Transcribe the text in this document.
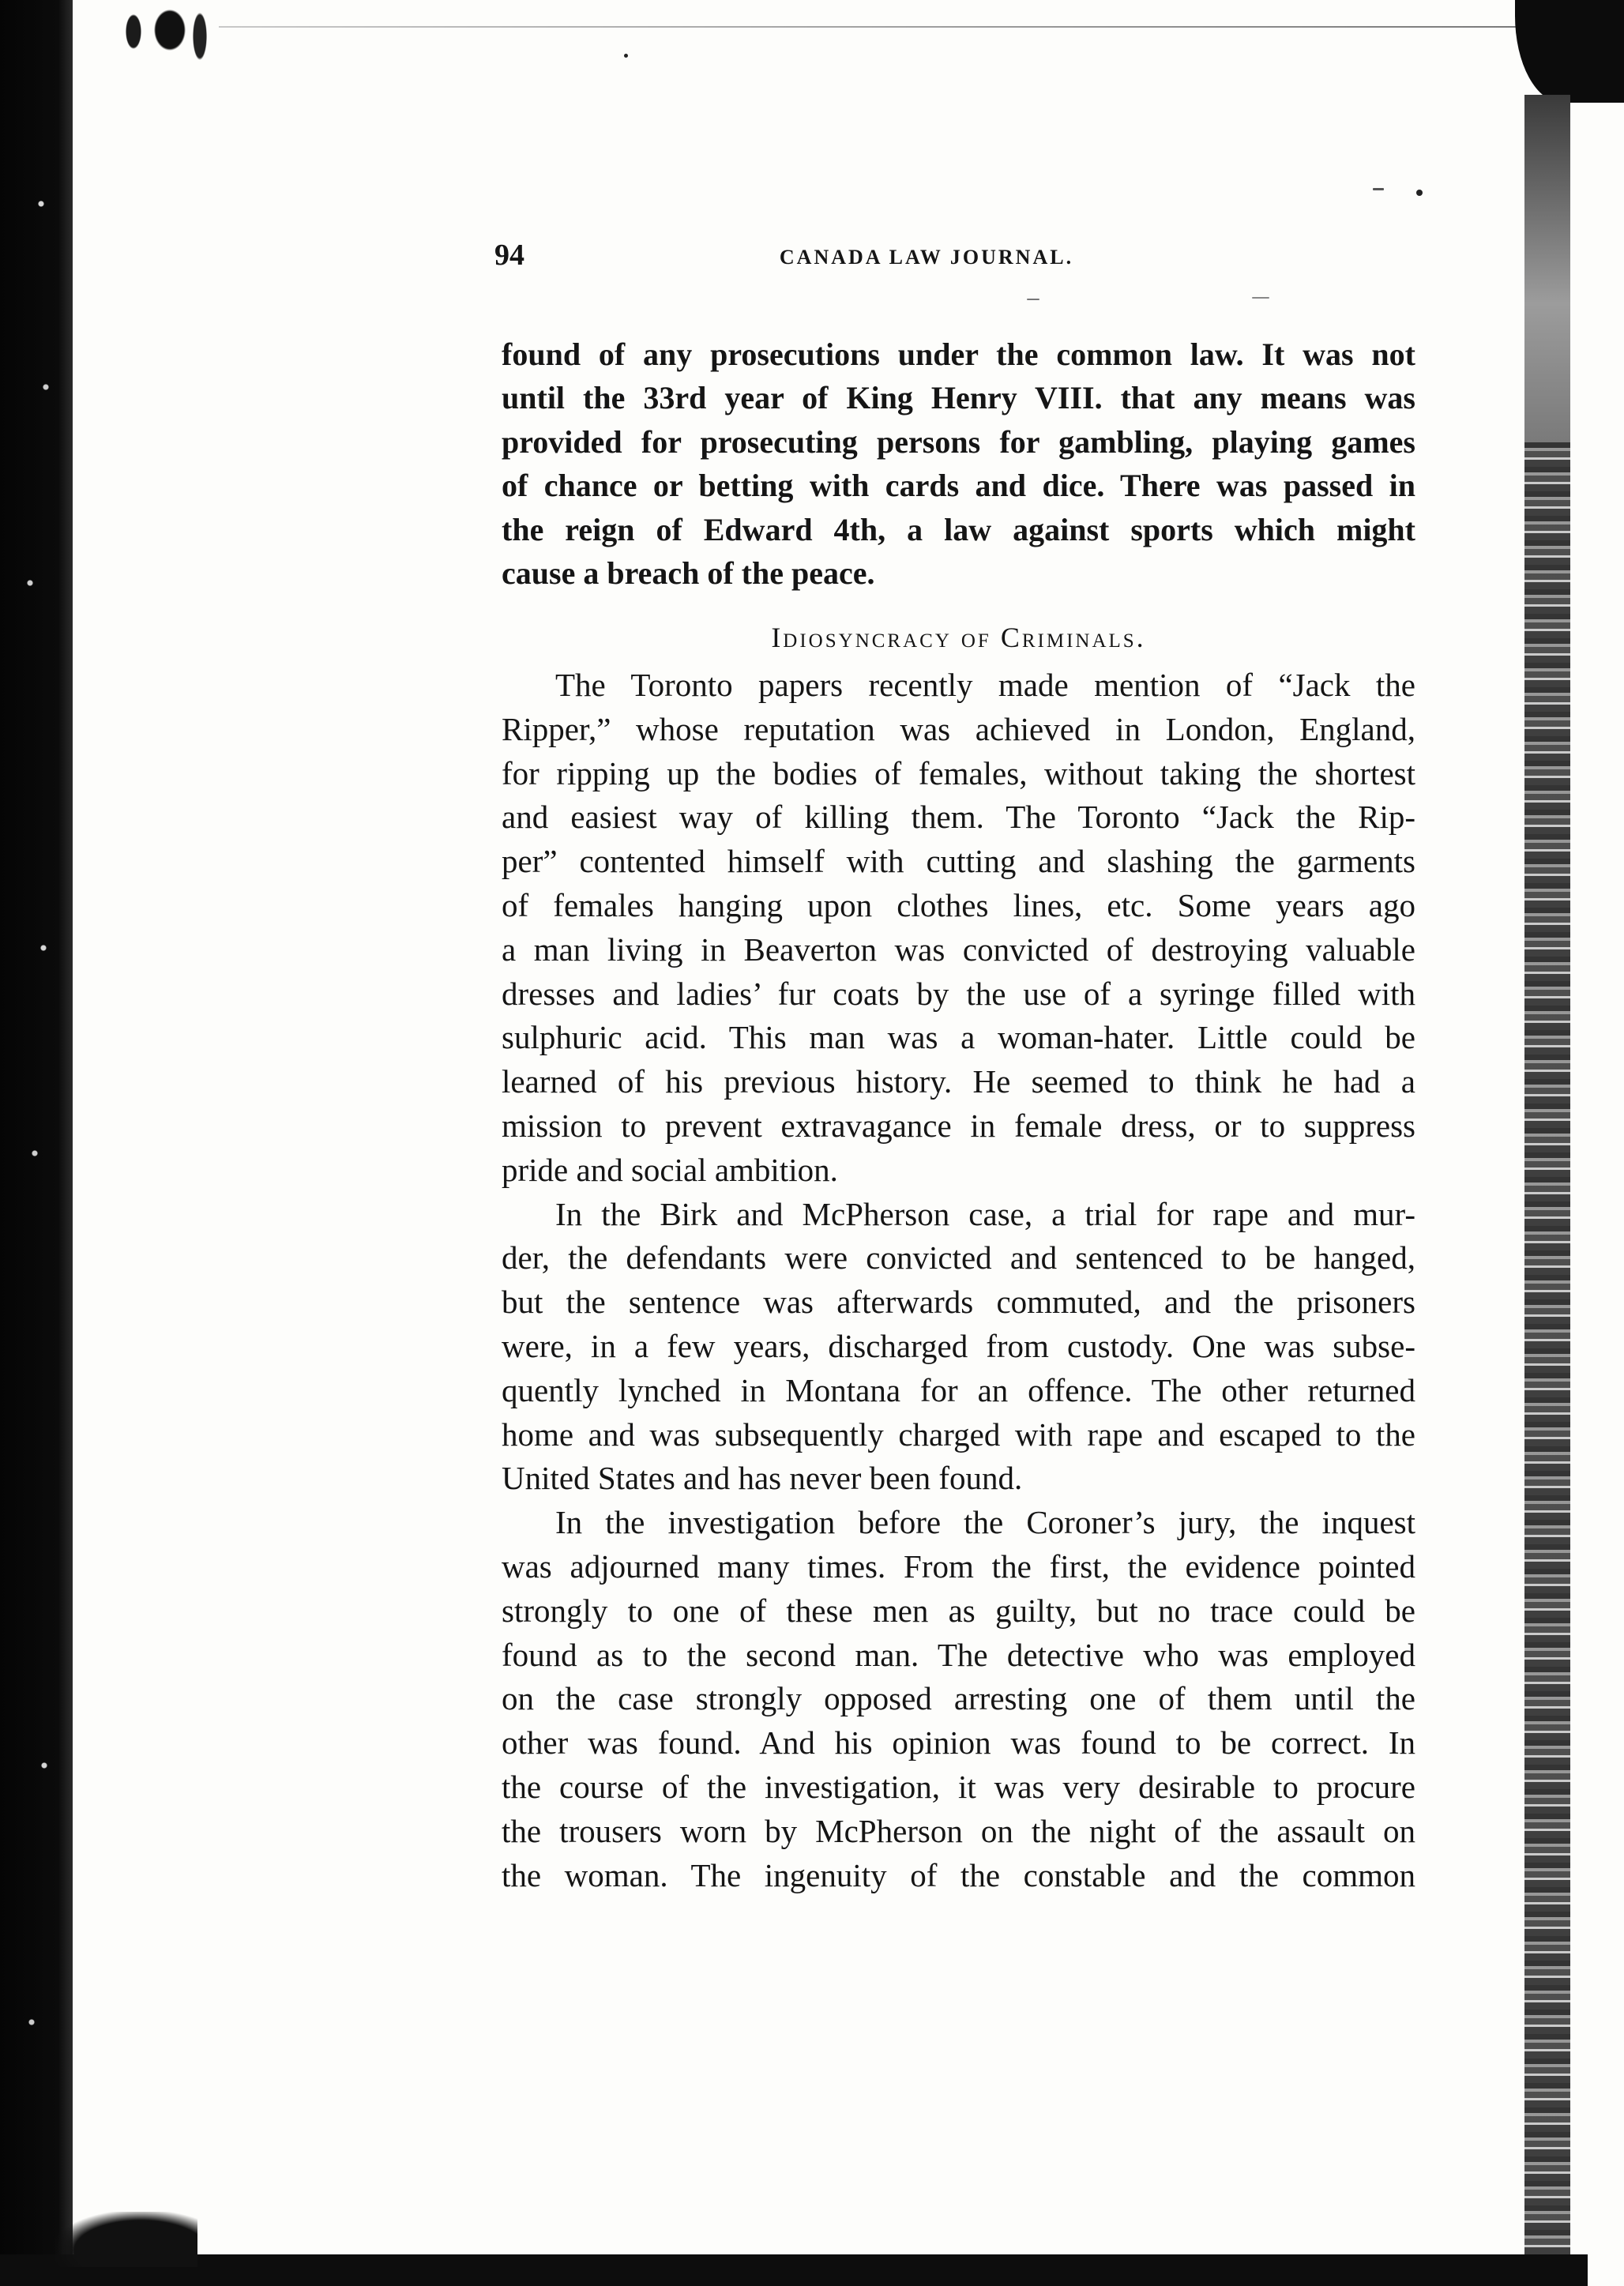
94	CANADA LAW JOURNAL.
found of any prosecutions under the common law. It was not
until the 33rd year of King Henry VIII. that any means was
provided for prosecuting persons for gambling, playing games
of chance or betting with cards and dice. There was passed in
the reign of Edward 4th, a law against sports which might
cause a breach of the peace.
Idiosyncracy of Criminals.
The Toronto papers recently made mention of “Jack the
Ripper,” whose reputation was achieved in London, England,
for ripping up the bodies of females, without taking the shortest
and easiest way of killing them. The Toronto “Jack the Rip-
per” contented himself with cutting and slashing the garments
of females hanging upon clothes lines, etc. Some years ago
a man living in Beaverton was convicted of destroying valuable
dresses and ladies’ fur coats by the use of a syringe filled with
sulphuric acid. This man was a woman-hater. Little could be
learned of his previous history. He seemed to think he had a
mission to prevent extravagance in female dress, or to suppress
pride and social ambition.
In the Birk and McPherson case, a trial for rape and mur-
der, the defendants were convicted and sentenced to be hanged,
but the sentence was afterwards commuted, and the prisoners
were, in a few years, discharged from custody. One was subse-
quently lynched in Montana for an offence. The other returned
home and was subsequently charged with rape and escaped to the
United States and has never been found.
In the investigation before the Coroner’s jury, the inquest
was adjourned many times. From the first, the evidence pointed
strongly to one of these men as guilty, but no trace could be
found as to the second man. The detective who was employed
on the case strongly opposed arresting one of them until the
other was found. And his opinion was found to be correct. In
the course of the investigation, it was very desirable to procure
the trousers worn by McPherson on the night of the assault on
the woman. The ingenuity of the constable and the common
